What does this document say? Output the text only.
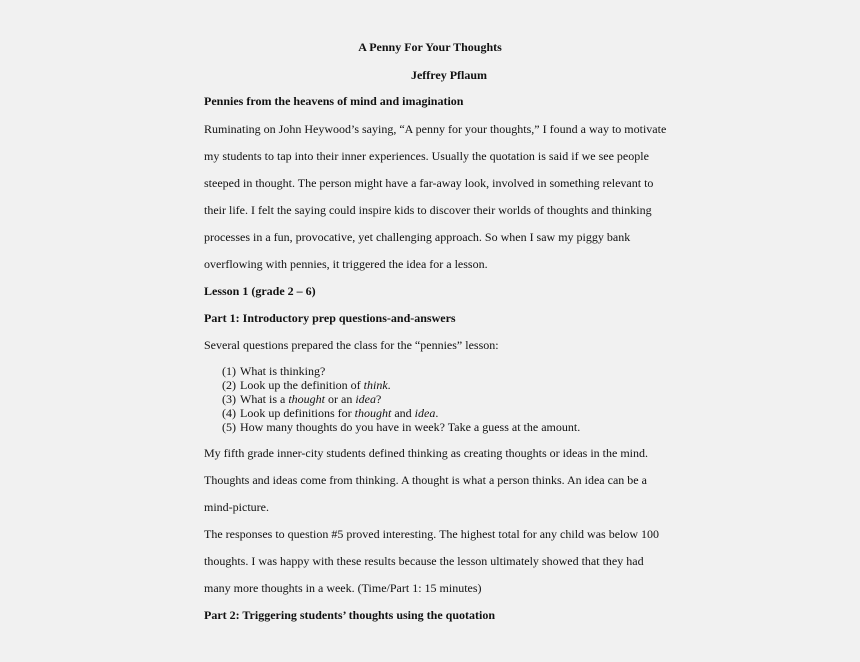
A Penny For Your Thoughts
Jeffrey Pflaum
Pennies from the heavens of mind and imagination
Ruminating on John Heywood’s saying, “A penny for your thoughts,” I found a way to motivate
my students to tap into their inner experiences. Usually the quotation is said if we see people
steeped in thought. The person might have a far-away look, involved in something relevant to
their life. I felt the saying could inspire kids to discover their worlds of thoughts and thinking
processes in a fun, provocative, yet challenging approach. So when I saw my piggy bank
overflowing with pennies, it triggered the idea for a lesson.
Lesson 1 (grade 2 – 6)
Part 1: Introductory prep questions-and-answers
Several questions prepared the class for the “pennies” lesson:
(1) What is thinking?
(2) Look up the definition of think.
(3) What is a thought or an idea?
(4) Look up definitions for thought and idea.
(5) How many thoughts do you have in week? Take a guess at the amount.
My fifth grade inner-city students defined thinking as creating thoughts or ideas in the mind.
Thoughts and ideas come from thinking. A thought is what a person thinks. An idea can be a
mind-picture.
The responses to question #5 proved interesting. The highest total for any child was below 100
thoughts. I was happy with these results because the lesson ultimately showed that they had
many more thoughts in a week. (Time/Part 1: 15 minutes)
Part 2: Triggering students’ thoughts using the quotation
